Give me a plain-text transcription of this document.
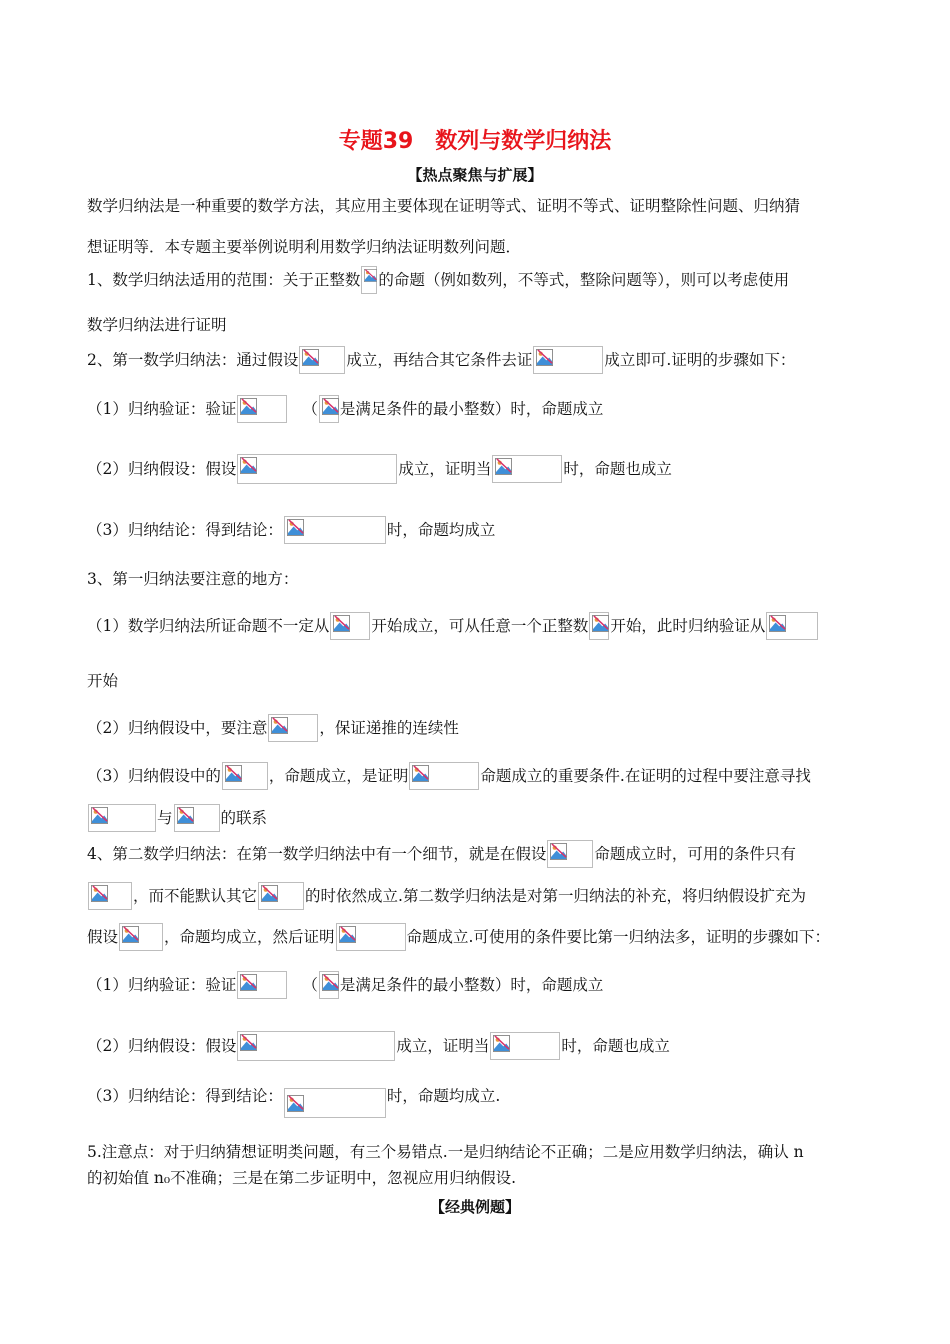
专题39　数列与数学归纳法
【热点聚焦与扩展】
数学归纳法是一种重要的数学方法，其应用主要体现在证明等式、证明不等式、证明整除性问题、归纳猜
想证明等．本专题主要举例说明利用数学归纳法证明数列问题．
1、数学归纳法适用的范围：关于正整数 的命题（例如数列，不等式，整除问题等），则可以考虑使用
数学归纳法进行证明
2、第一数学归纳法：通过假设	成立，再结合其它条件去证	成立即可.证明的步骤如下：
（1）归纳验证：验证	（ 是满足条件的最小整数）时，命题成立
（2）归纳假设：假设	成立，证明当	时，命题也成立
（3）归纳结论：得到结论：	时，命题均成立
3、第一归纳法要注意的地方：
（1）数学归纳法所证命题不一定从	开始成立，可从任意一个正整数 开始，此时归纳验证从
开始
（2）归纳假设中，要注意	，保证递推的连续性
（3）归纳假设中的	，命题成立，是证明	命题成立的重要条件.在证明的过程中要注意寻找
与	的联系
4、第二数学归纳法：在第一数学归纳法中有一个细节，就是在假设	命题成立时，可用的条件只有
，而不能默认其它	的时依然成立.第二数学归纳法是对第一归纳法的补充，将归纳假设扩充为
假设	，命题均成立，然后证明	命题成立.可使用的条件要比第一归纳法多，证明的步骤如下：
（1）归纳验证：验证	（ 是满足条件的最小整数）时，命题成立
（2）归纳假设：假设	成立，证明当	时，命题也成立
（3）归纳结论：得到结论：	时，命题均成立.
5.注意点：对于归纳猜想证明类问题，有三个易错点.一是归纳结论不正确；二是应用数学归纳法，确认 n
的初始值 n₀不准确；三是在第二步证明中，忽视应用归纳假设.
【经典例题】
